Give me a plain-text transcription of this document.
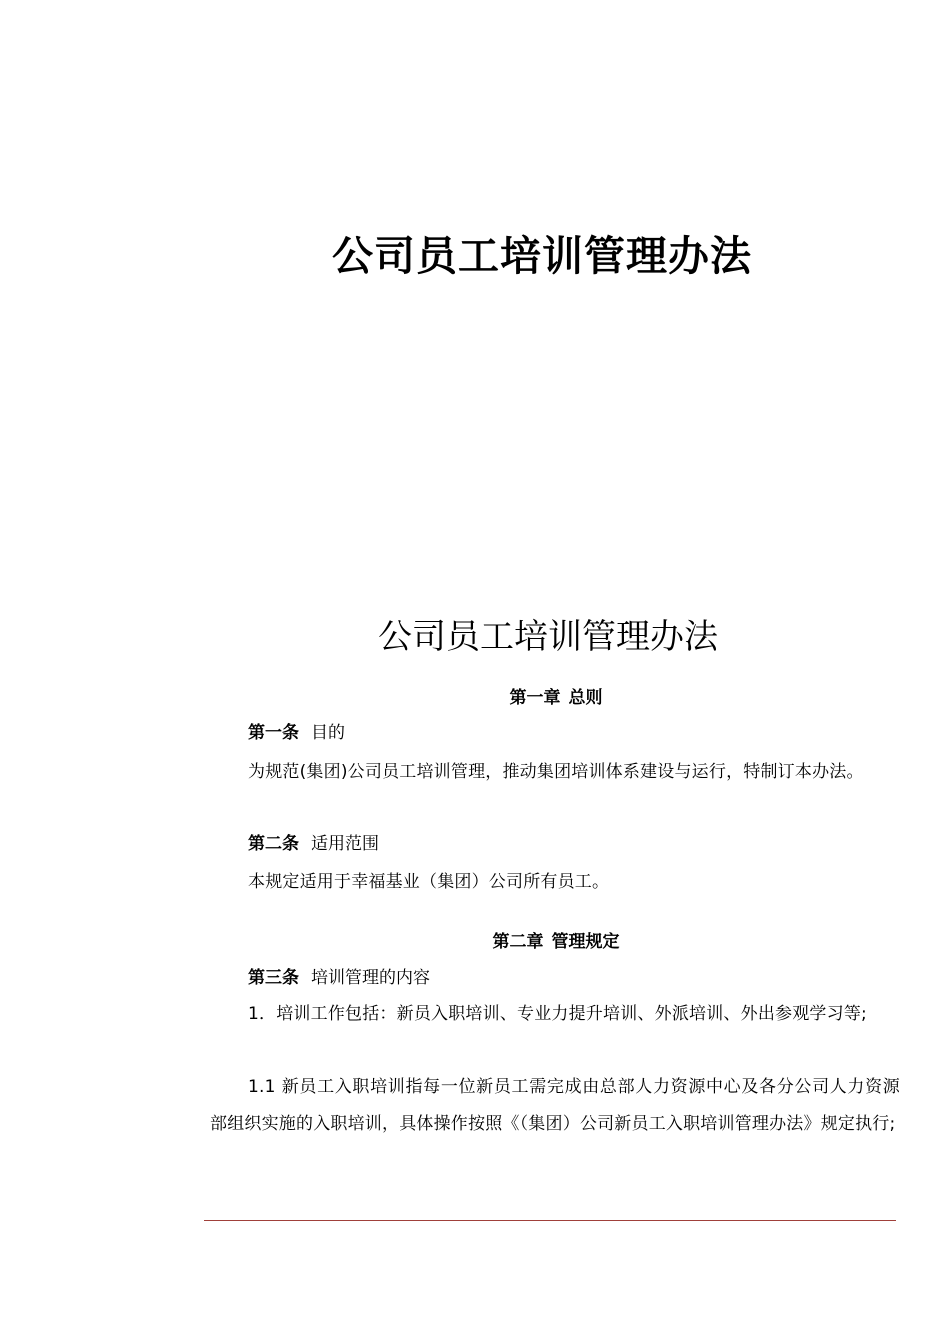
公司员工培训管理办法
公司员工培训管理办法
第一章 总则
第一条 目的
为规范(集团)公司员工培训管理，推动集团培训体系建设与运行，特制订本办法。
第二条 适用范围
本规定适用于幸福基业（集团）公司所有员工。
第二章 管理规定
第三条 培训管理的内容
1．培训工作包括：新员入职培训、专业力提升培训、外派培训、外出参观学习等;
1.1 新员工入职培训指每一位新员工需完成由总部人力资源中心及各分公司人力资源部组织实施的入职培训，具体操作按照《（集团）公司新员工入职培训管理办法》规定执行;
